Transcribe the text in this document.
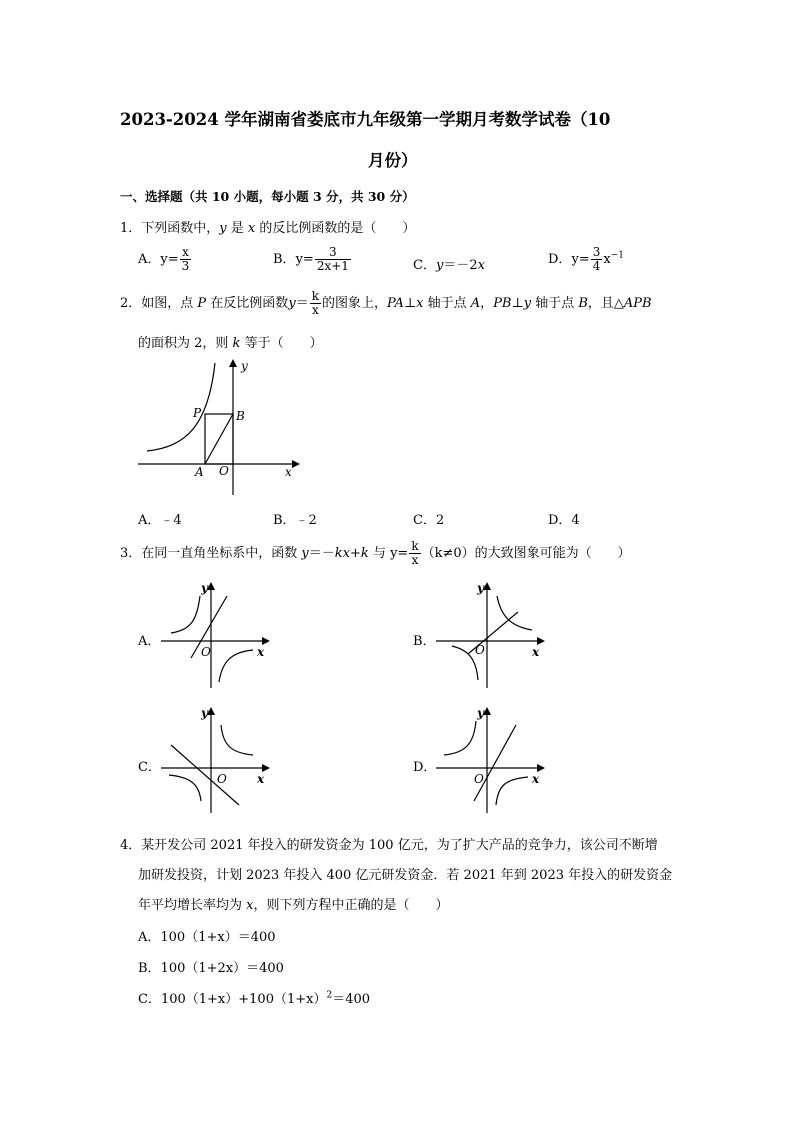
2023-2024 学年湖南省娄底市九年级第一学期月考数学试卷（10
月份）
一、选择题（共 10 小题，每小题 3 分，共 30 分）
1．下列函数中，y 是 x 的反比例函数的是（　　）
A．$y= \frac{x}{3}$	B．$y= \frac{3}{2x+1}$	C．y＝－2x	D．$y= \frac{3}{4} x^{-1}$
2．如图，点 P 在反比例函数$y= \frac{k}{x}$ 的图象上，PA⊥x 轴于点 A，PB⊥y 轴于点 B，且△APB
的面积为 2，则 k 等于（　　）
y
x
P	B
A O
A．﹣4	B．﹣2	C．2	D．4
3．在同一直角坐标系中，函数 y＝－kx+k 与 $y= \frac{k}{x} (k\ne 0)$的大致图象可能为（　　）
A．	B．
C．	D．
y
x
O
y
x
O
y
x
O
y
x
O
4．某开发公司 2021 年投入的研发资金为 100 亿元，为了扩大产品的竞争力，该公司不断增
加研发投资，计划 2023 年投入 400 亿元研发资金．若 2021 年到 2023 年投入的研发资金
年平均增长率均为 x，则下列方程中正确的是（　　）
A．100（1+x）＝400
B．100（1+2x）＝400
C．$100(1+x)+100(1+x)^2=400$
